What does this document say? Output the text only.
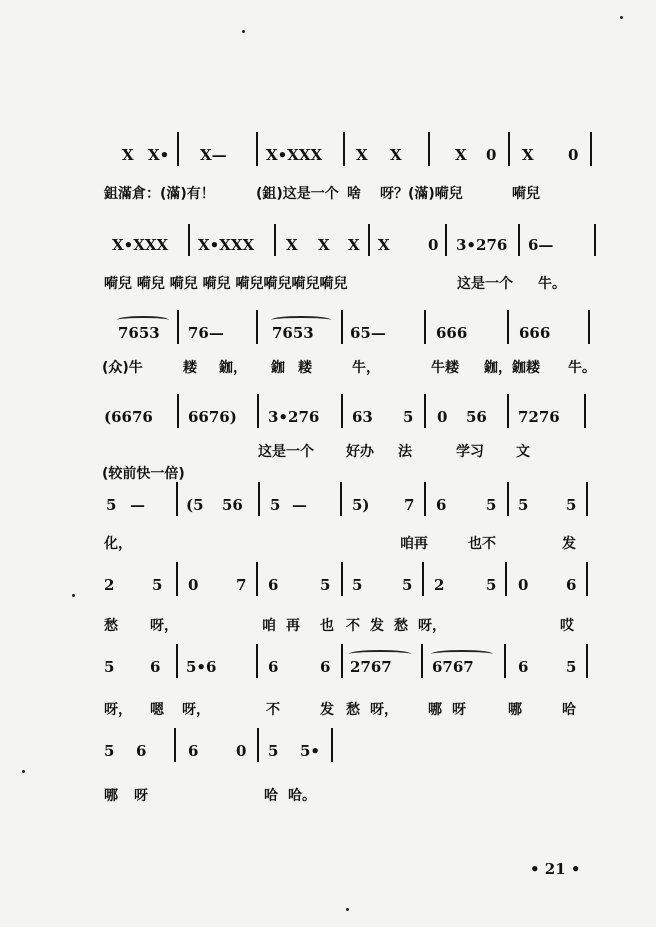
X X• X—	X•XXX X X	X 0 X 0
鉏滿倉：(滿)有！	(鉏)这是一个 啥 呀？(滿)嗬兒	嗬兒
X•XXX X•XXX X X X X	0 3•276 6—
嗬兒 嗬兒 嗬兒 嗬兒 嗬兒嗬兒嗬兒嗬兒	这是一个 牛。
7653 76—	7653 65—	666	666
(众)牛	耧 鉫， 鉫 耧	牛，	牛耧 鉫，鉫耧 牛。
(6676 6676) 3•276 63 5 0 56 7276
这是一个 好办 法	学习 文
(较前快一倍)
5 —	(5 56 5 —	5) 7 6	5 5	5
化，	咱再	也不	发
2	5 0	7 6	5 5	5 2	5 0	6
愁 呀，	咱 再 也 不 发 愁 呀，	哎
5 6 5•6	6	6 2767	6767	6	5
呀， 嗯 呀，	不	发 愁 呀， 哪 呀	哪	哈
5 6	6	0 5 5•
哪 呀	哈 哈。
• 21 •
